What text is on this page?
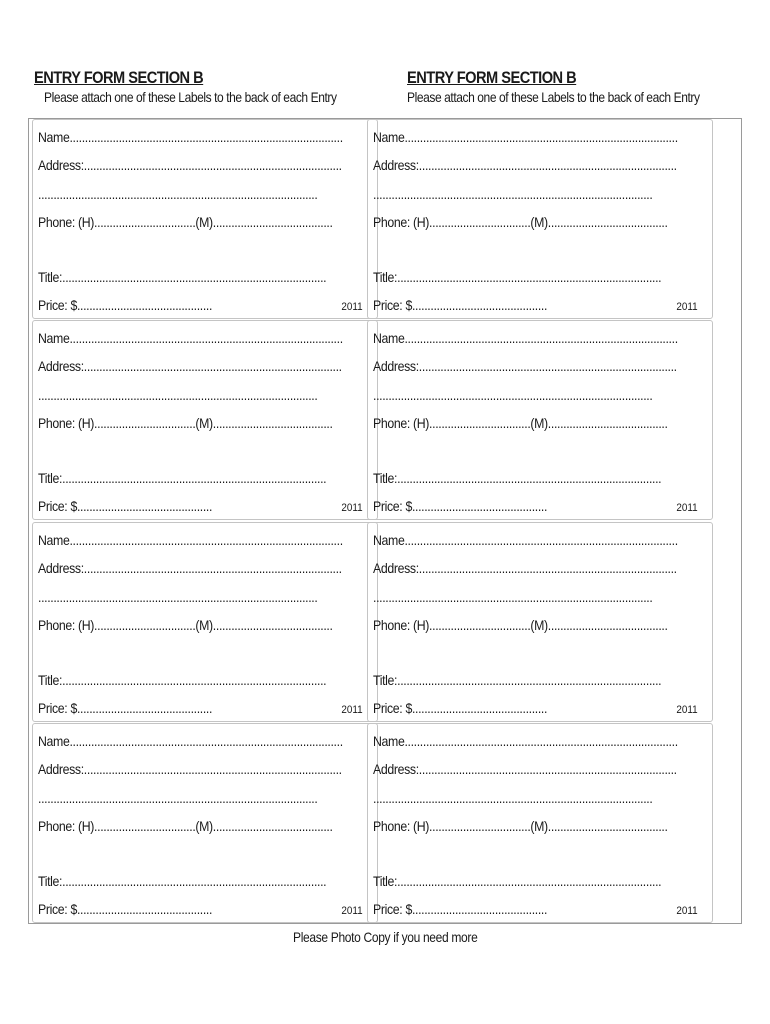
ENTRY FORM SECTION B
Please attach one of these Labels to the back of each Entry
ENTRY FORM SECTION B
Please attach one of these Labels to the back of each Entry
Name.........................................................................................
Address:....................................................................................
...........................................................................................
Phone: (H).................................(M).......................................
Title:......................................................................................
Price: $............................................	2011
Name.........................................................................................
Address:....................................................................................
...........................................................................................
Phone: (H).................................(M).......................................
Title:......................................................................................
Price: $............................................	2011
Name.........................................................................................
Address:....................................................................................
...........................................................................................
Phone: (H).................................(M).......................................
Title:......................................................................................
Price: $............................................	2011
Name.........................................................................................
Address:....................................................................................
...........................................................................................
Phone: (H).................................(M).......................................
Title:......................................................................................
Price: $............................................	2011
Name.........................................................................................
Address:....................................................................................
...........................................................................................
Phone: (H).................................(M).......................................
Title:......................................................................................
Price: $............................................	2011
Name.........................................................................................
Address:....................................................................................
...........................................................................................
Phone: (H).................................(M).......................................
Title:......................................................................................
Price: $............................................	2011
Name.........................................................................................
Address:....................................................................................
...........................................................................................
Phone: (H).................................(M).......................................
Title:......................................................................................
Price: $............................................	2011
Name.........................................................................................
Address:....................................................................................
...........................................................................................
Phone: (H).................................(M).......................................
Title:......................................................................................
Price: $............................................	2011
Please Photo Copy if you need more
